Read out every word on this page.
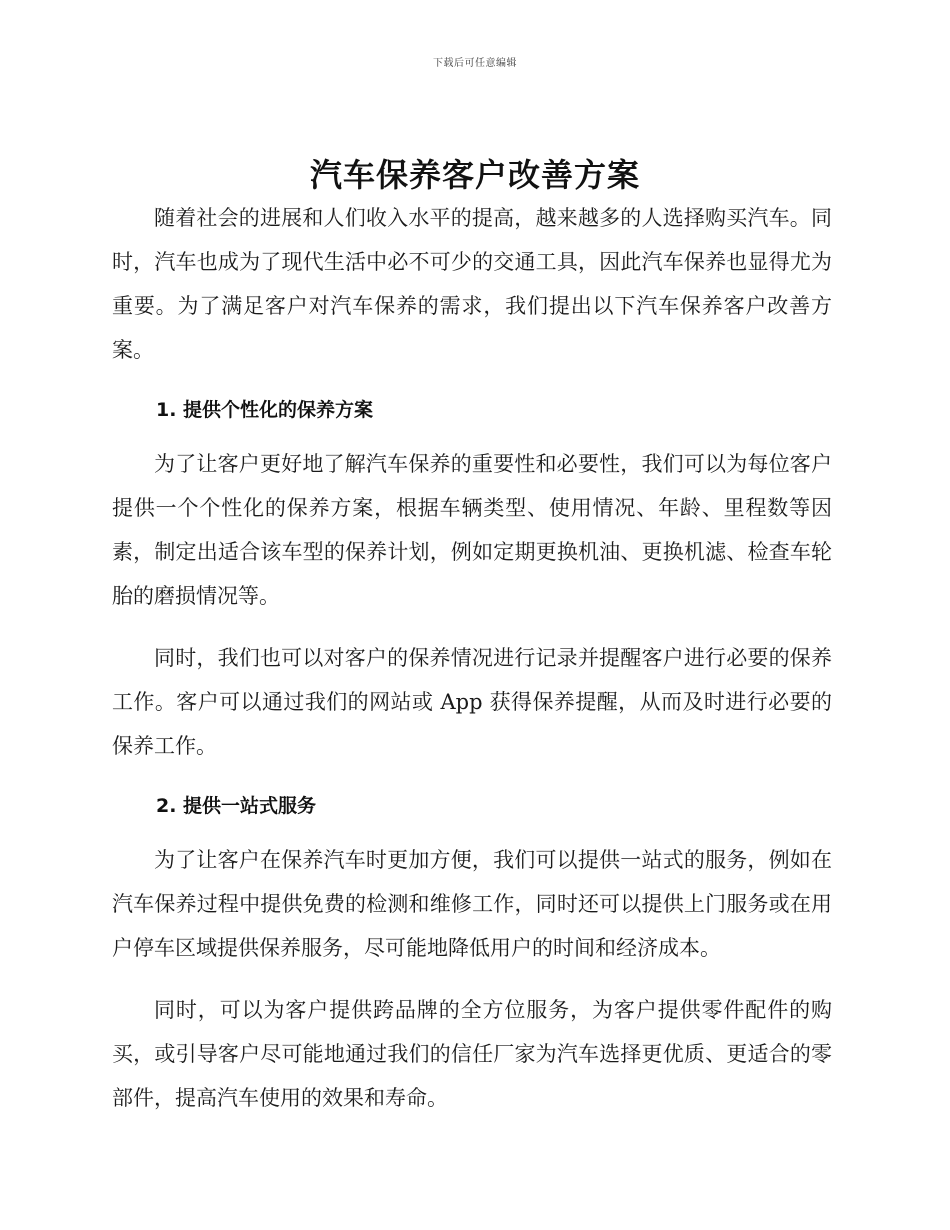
下载后可任意编辑
汽车保养客户改善方案

随着社会的进展和人们收入水平的提高，越来越多的人选择购买汽车。同时，汽车也成为了现代生活中必不可少的交通工具，因此汽车保养也显得尤为重要。为了满足客户对汽车保养的需求，我们提出以下汽车保养客户改善方案。

1. 提供个性化的保养方案

为了让客户更好地了解汽车保养的重要性和必要性，我们可以为每位客户提供一个个性化的保养方案，根据车辆类型、使用情况、年龄、里程数等因素，制定出适合该车型的保养计划，例如定期更换机油、更换机滤、检查车轮胎的磨损情况等。

同时，我们也可以对客户的保养情况进行记录并提醒客户进行必要的保养工作。客户可以通过我们的网站或 App 获得保养提醒，从而及时进行必要的保养工作。

2. 提供一站式服务

为了让客户在保养汽车时更加方便，我们可以提供一站式的服务，例如在汽车保养过程中提供免费的检测和维修工作，同时还可以提供上门服务或在用户停车区域提供保养服务，尽可能地降低用户的时间和经济成本。

同时，可以为客户提供跨品牌的全方位服务，为客户提供零件配件的购买，或引导客户尽可能地通过我们的信任厂家为汽车选择更优质、更适合的零部件，提高汽车使用的效果和寿命。
